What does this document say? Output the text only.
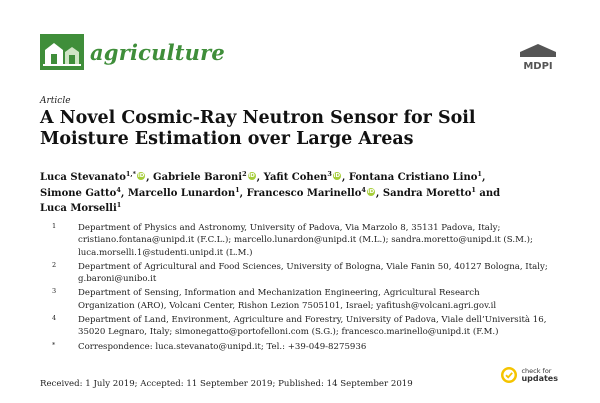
agriculture
MDPI
Article
A Novel Cosmic-Ray Neutron Sensor for Soil
Moisture Estimation over Large Areas
Luca Stevanato$^{1,*}$ iD , Gabriele Baroni$^2$ iD , Yafit Cohen$^3$ iD , Fontana Cristiano Lino$^1$,
Simone Gatto$^4$, Marcello Lunardon$^1$, Francesco Marinello$^4$ iD , Sandra Moretto$^1$ and
Luca Morselli$^1$
1	Department of Physics and Astronomy, University of Padova, Via Marzolo 8, 35131 Padova, Italy;
cristiano.fontana@unipd.it (F.C.L.); marcello.lunardon@unipd.it (M.L.); sandra.moretto@unipd.it (S.M.);
luca.morselli.1@studenti.unipd.it (L.M.)
2	Department of Agricultural and Food Sciences, University of Bologna, Viale Fanin 50, 40127 Bologna, Italy;
g.baroni@unibo.it
3	Department of Sensing, Information and Mechanization Engineering, Agricultural Research
Organization (ARO), Volcani Center, Rishon Lezion 7505101, Israel; yafitush@volcani.agri.gov.il
4	Department of Land, Environment, Agriculture and Forestry, University of Padova, Viale dell’Università 16,
35020 Legnaro, Italy; simonegatto@portofelloni.com (S.G.); francesco.marinello@unipd.it (F.M.)
*	Correspondence: luca.stevanato@unipd.it; Tel.: +39-049-8275936
Received: 1 July 2019; Accepted: 11 September 2019; Published: 14 September 2019
check for
updates
